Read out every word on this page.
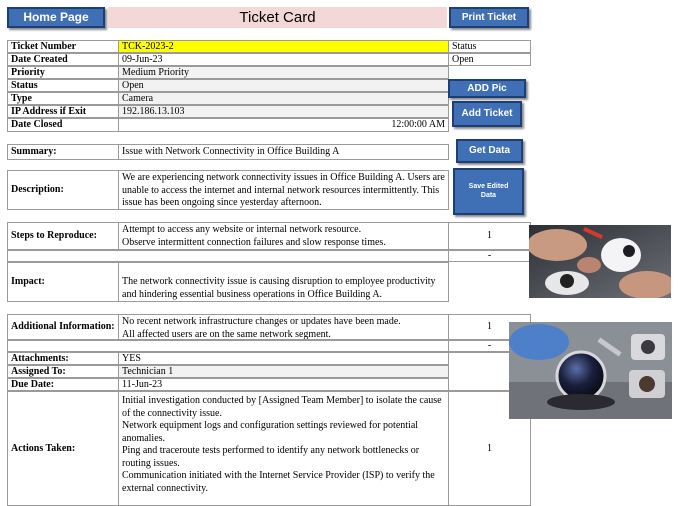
Home Page	Ticket Card	Print Ticket
Ticket Number	TCK-2023-2
Date Created	09-Jun-23
Priority	Medium Priority
Status	Open
Type	Camera
IP Address if Exit	192.186.13.103
Date Closed	12:00:00 AM
Status
Open
ADD Pic
Add Ticket
Get Data
Save Edited
Data
Summary:	Issue with Network Connectivity in Office Building A
Description:
We are experiencing network connectivity issues in Office Building A. Users are unable to access the internet and internal network resources intermittently. This issue has been ongoing since yesterday afternoon.
Steps to Reproduce:
Attempt to access any website or internal network resource.
Observe intermittent connection failures and slow response times.
1
-
Impact:	The network connectivity issue is causing disruption to employee productivity and hindering essential business operations in Office Building A.
Additional Information: No recent network infrastructure changes or updates have been made.
All affected users are on the same network segment.
1
-
Attachments:	YES
Assigned To:	Technician 1
Due Date:	11-Jun-23
Actions Taken:
Initial investigation conducted by [Assigned Team Member] to isolate the cause of the connectivity issue.
Network equipment logs and configuration settings reviewed for potential anomalies.
Ping and traceroute tests performed to identify any network bottlenecks or routing issues.
Communication initiated with the Internet Service Provider (ISP) to verify the external connectivity.
1
